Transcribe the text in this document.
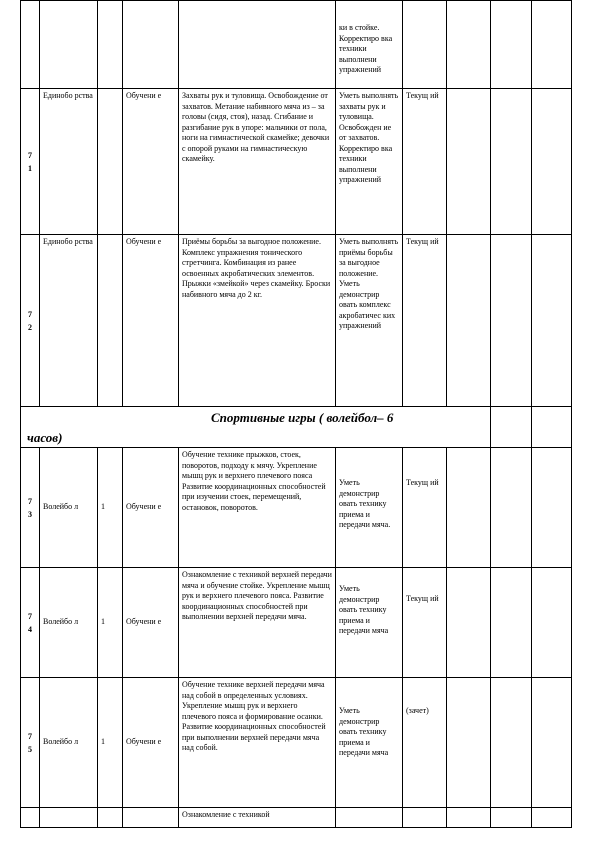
					ки в стойке. Корректиро вка техники выполнени упражнений				

7
1	Единобо рства		Обучени е	Захваты рук и туловища. Освобождение от захватов. Метание набивного мяча из – за головы (сидя, стоя), назад. Сгибание и разгибание рук в упоре: мальчики от пола, ноги на гимнастической скамейке; девочки с опорой руками на гимнастическую скамейку.	Уметь выполнять захваты рук и туловища. Освобожден ие от захватов. Корректиро вка техники выполнени упражнений	Текущ ий			

7
2	Единобо рства		Обучени е	Приёмы борьбы за выгодное положение. Комплекс упражнения тонического стретчинга. Комбинация из ранее освоенных акробатических элементов. Прыжки «змейкой» через скамейку. Броски набивного мяча до 2 кг.	Уметь выполнять приёмы борьбы за выгодное положение. Уметь демонстрир овать комплекс акробатичес ких упражнений	Текущ ий			

Спортивные игры ( волейбол– 6
часов)									

7
3	Волейбо л	1	Обучени е	Обучение технике прыжков, стоек, поворотов, подходу к мячу. Укрепление мышц рук и верхнего плечевого пояса Развитие координационных способностей при изучении стоек, перемещений, остановок, поворотов.	Уметь демонстрир овать технику приема и передачи мяча.	Текущ ий			

7
4	Волейбо л	1	Обучени е	Ознакомление с техникой верхней передачи мяча и обучение стойке. Укрепление мышц рук и верхнего плечевого пояса. Развитие координационных способностей при выполнении верхней передачи мяча.	Уметь демонстрир овать технику приема и передачи мяча	Текущ ий			

7
5	Волейбо л	1	Обучени е	Обучение технике верхней передачи мяча над собой в определенных условиях. Укрепление мышц рук и верхнего плечевого пояса и формирование осанки. Развитие координационных способностей при выполнении верхней передачи мяча над собой.	Уметь демонстрир овать технику приема и передачи мяча	(зачет)			

				Ознакомление с техникой					
